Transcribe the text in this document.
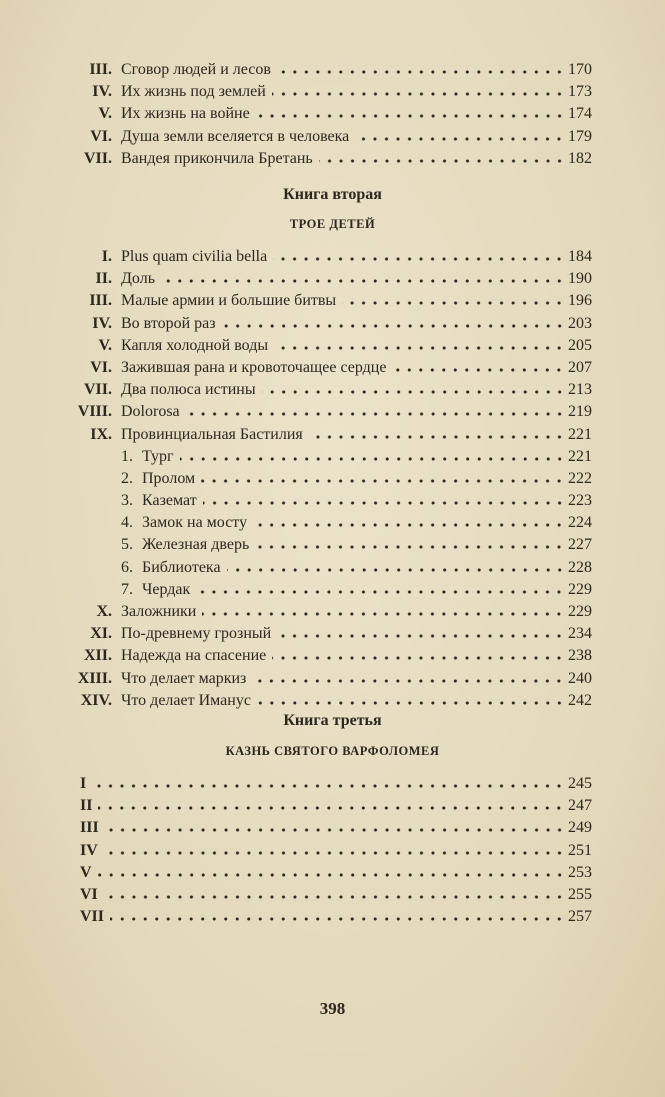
III. Сговор людей и лесов	170
IV. Их жизнь под землей	173
V. Их жизнь на войне	174
VI. Душа земли вселяется в человека	179
VII. Вандея прикончила Бретань	182
Книга вторая
ТРОЕ ДЕТЕЙ
I. Plus quam civilia bella	184
II. Доль	190
III. Малые армии и большие битвы	196
IV. Во второй раз	203
V. Капля холодной воды	205
VI. Зажившая рана и кровоточащее сердце	207
VII. Два полюса истины	213
VIII. Dolorosa	219
IX. Провинциальная Бастилия	221
1. Тург	221
2. Пролом	222
3. Каземат	223
4. Замок на мосту	224
5. Железная дверь	227
6. Библиотека	228
7. Чердак	229
X. Заложники	229
XI. По-древнему грозный	234
XII. Надежда на спасение	238
XIII. Что делает маркиз	240
XIV. Что делает Иманус	242
Книга третья
КАЗНЬ СВЯТОГО ВАРФОЛОМЕЯ
I	245
II	247
III	249
IV	251
V	253
VI	255
VII	257
398
